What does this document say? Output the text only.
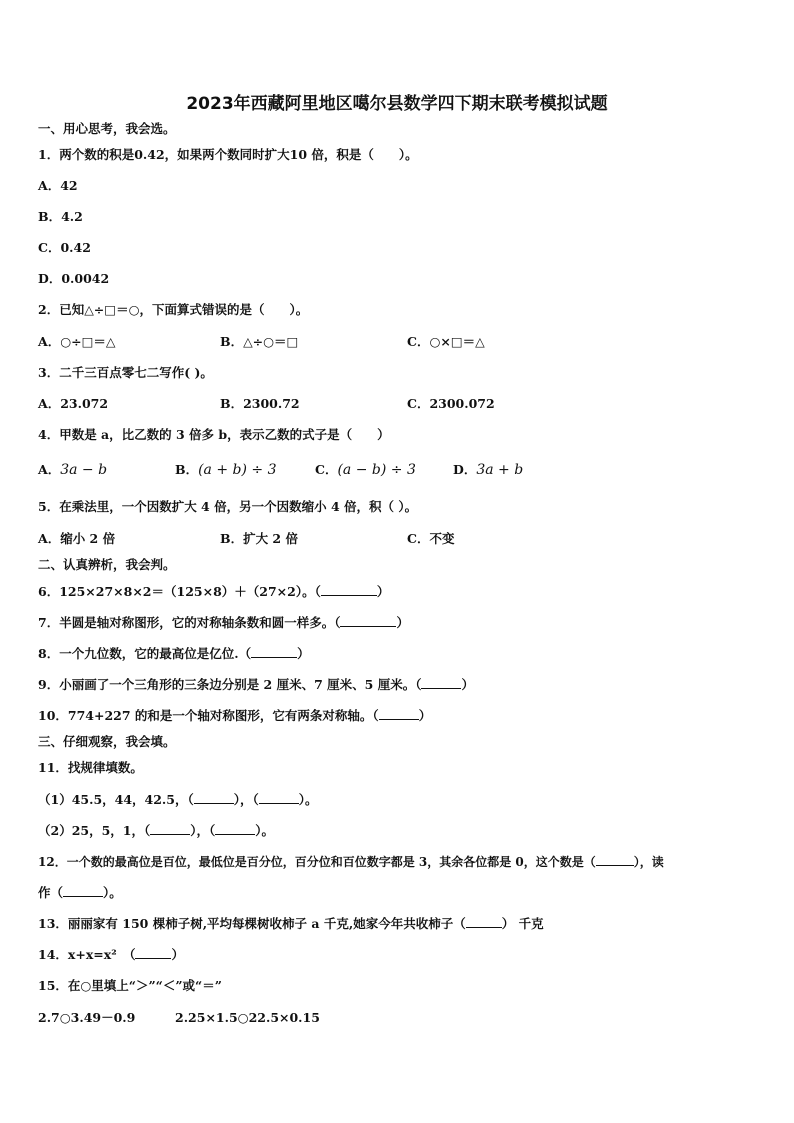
2023年西藏阿里地区噶尔县数学四下期末联考模拟试题
一、用心思考，我会选。
1．两个数的积是0.42，如果两个数同时扩大10 倍，积是（　　）。
A．42
B．4.2
C．0.42
D．0.0042
2．已知△÷□＝○，下面算式错误的是（　　）。
A．○÷□＝△	B．△÷○＝□	C．○×□＝△
3．二千三百点零七二写作( )。
A．23.072	B．2300.72	C．2300.072
4．甲数是 a，比乙数的 3 倍多 b，表示乙数的式子是（　　）
A．3a − b	B．(a + b) ÷ 3	C．(a − b) ÷ 3	D．3a + b
5．在乘法里，一个因数扩大 4 倍，另一个因数缩小 4 倍，积（ ）。
A．缩小 2 倍	B．扩大 2 倍	C．不变
二、认真辨析，我会判。
6．125×27×8×2＝（125×8）＋（27×2）。（	）
7．半圆是轴对称图形，它的对称轴条数和圆一样多。（	）
8．一个九位数，它的最高位是亿位.（	）
9．小丽画了一个三角形的三条边分别是 2 厘米、7 厘米、5 厘米。（	）
10．774+227 的和是一个轴对称图形，它有两条对称轴。（	）
三、仔细观察，我会填。
11．找规律填数。
（1）45.5，44，42.5，（	），（	）。
（2）25，5，1，（	），（	）。
12．一个数的最高位是百位，最低位是百分位，百分位和百位数字都是 3，其余各位都是 0，这个数是（	），读
作（	）。
13．丽丽家有 150 棵柿子树,平均每棵树收柿子 a 千克,她家今年共收柿子（	） 千克
14．x+x=x²　（	）
15．在○里填上“＞”“＜”或“＝”
2.7○3.49－0.9	2.25×1.5○22.5×0.15
